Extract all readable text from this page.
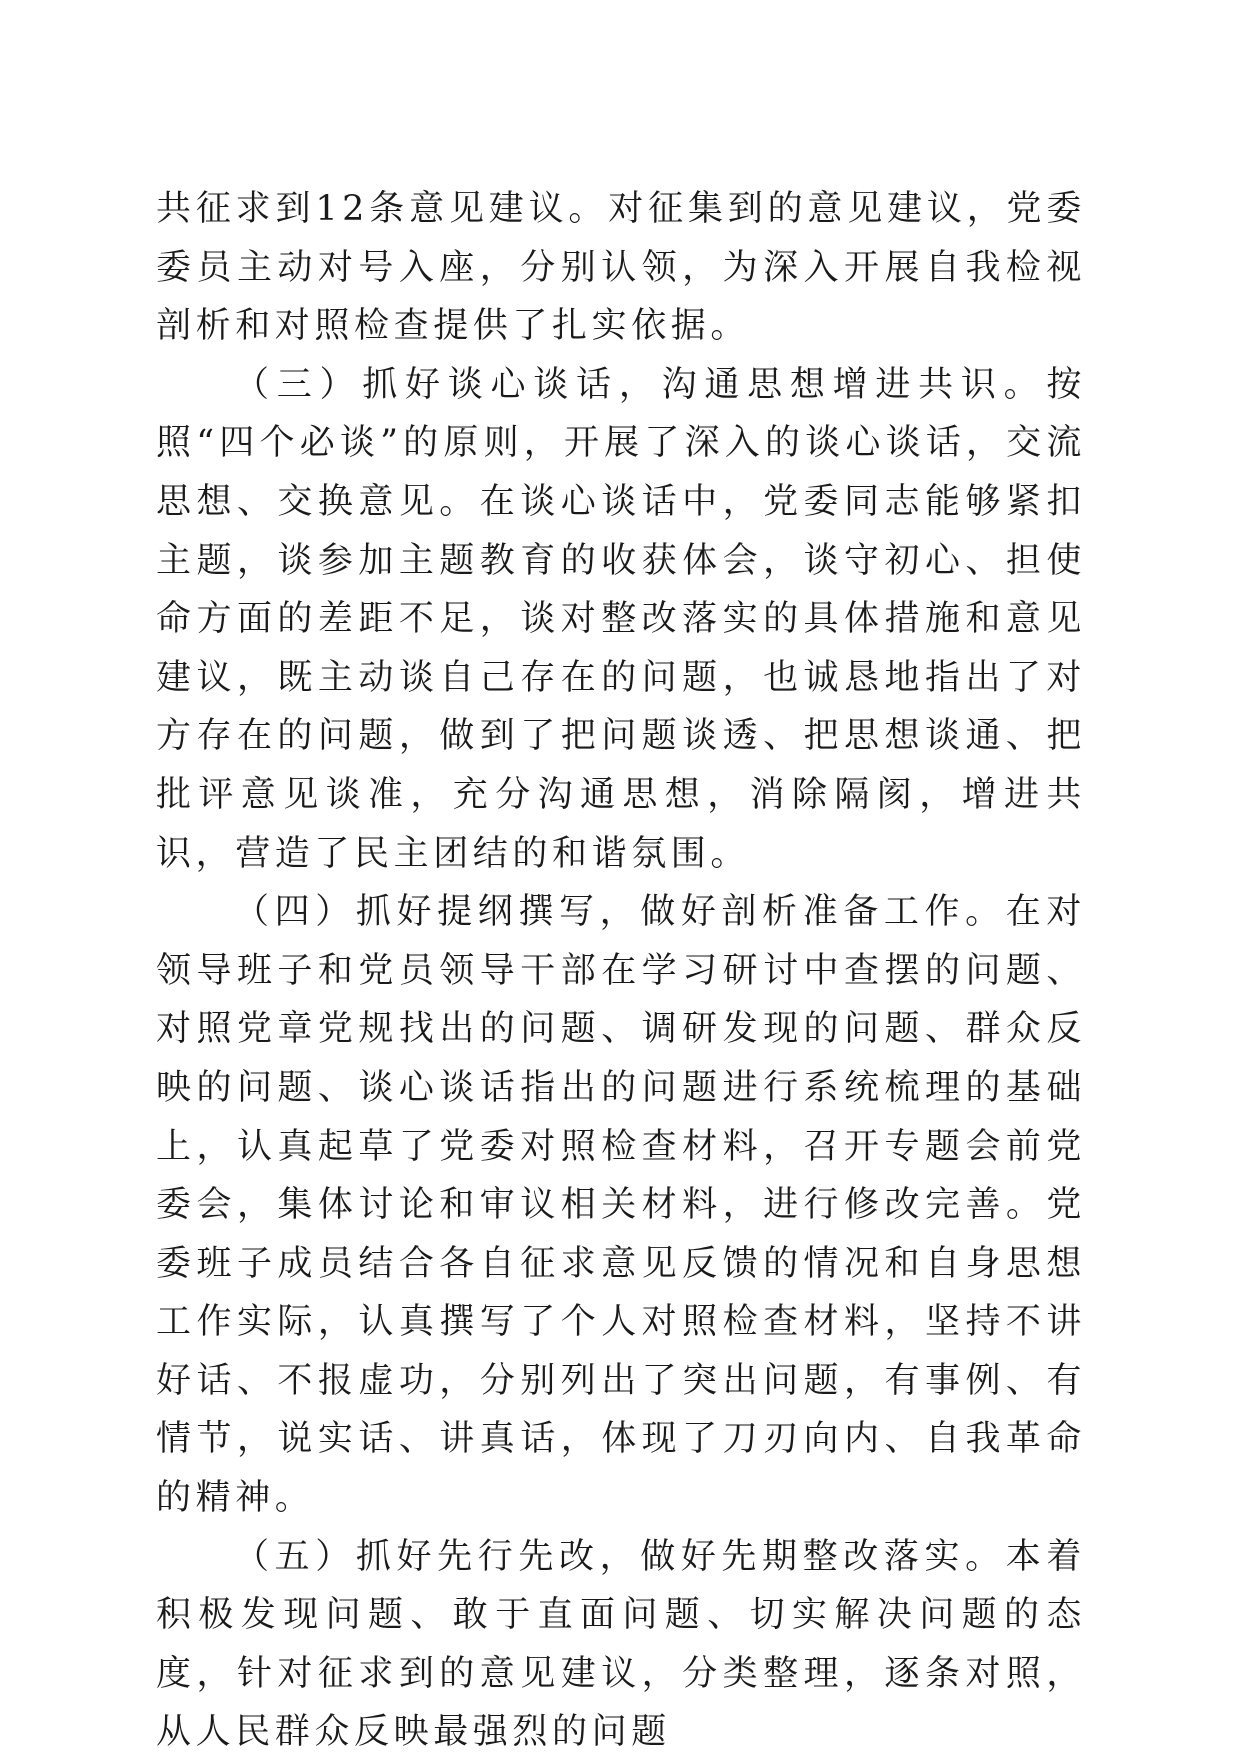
共征求到12条意见建议。对征集到的意见建议，党委委员主动对号入座，分别认领，为深入开展自我检视剖析和对照检查提供了扎实依据。

（三）抓好谈心谈话，沟通思想增进共识。按照“四个必谈”的原则，开展了深入的谈心谈话，交流思想、交换意见。在谈心谈话中，党委同志能够紧扣主题，谈参加主题教育的收获体会，谈守初心、担使命方面的差距不足，谈对整改落实的具体措施和意见建议，既主动谈自己存在的问题，也诚恳地指出了对方存在的问题，做到了把问题谈透、把思想谈通、把批评意见谈准，充分沟通思想，消除隔阂，增进共识，营造了民主团结的和谐氛围。

（四）抓好提纲撰写，做好剖析准备工作。在对领导班子和党员领导干部在学习研讨中查摆的问题、对照党章党规找出的问题、调研发现的问题、群众反映的问题、谈心谈话指出的问题进行系统梳理的基础上，认真起草了党委对照检查材料，召开专题会前党委会，集体讨论和审议相关材料，进行修改完善。党委班子成员结合各自征求意见反馈的情况和自身思想工作实际，认真撰写了个人对照检查材料，坚持不讲好话、不报虚功，分别列出了突出问题，有事例、有情节，说实话、讲真话，体现了刀刃向内、自我革命的精神。

（五）抓好先行先改，做好先期整改落实。本着积极发现问题、敢于直面问题、切实解决问题的态度，针对征求到的意见建议，分类整理，逐条对照，从人民群众反映最强烈的问题
